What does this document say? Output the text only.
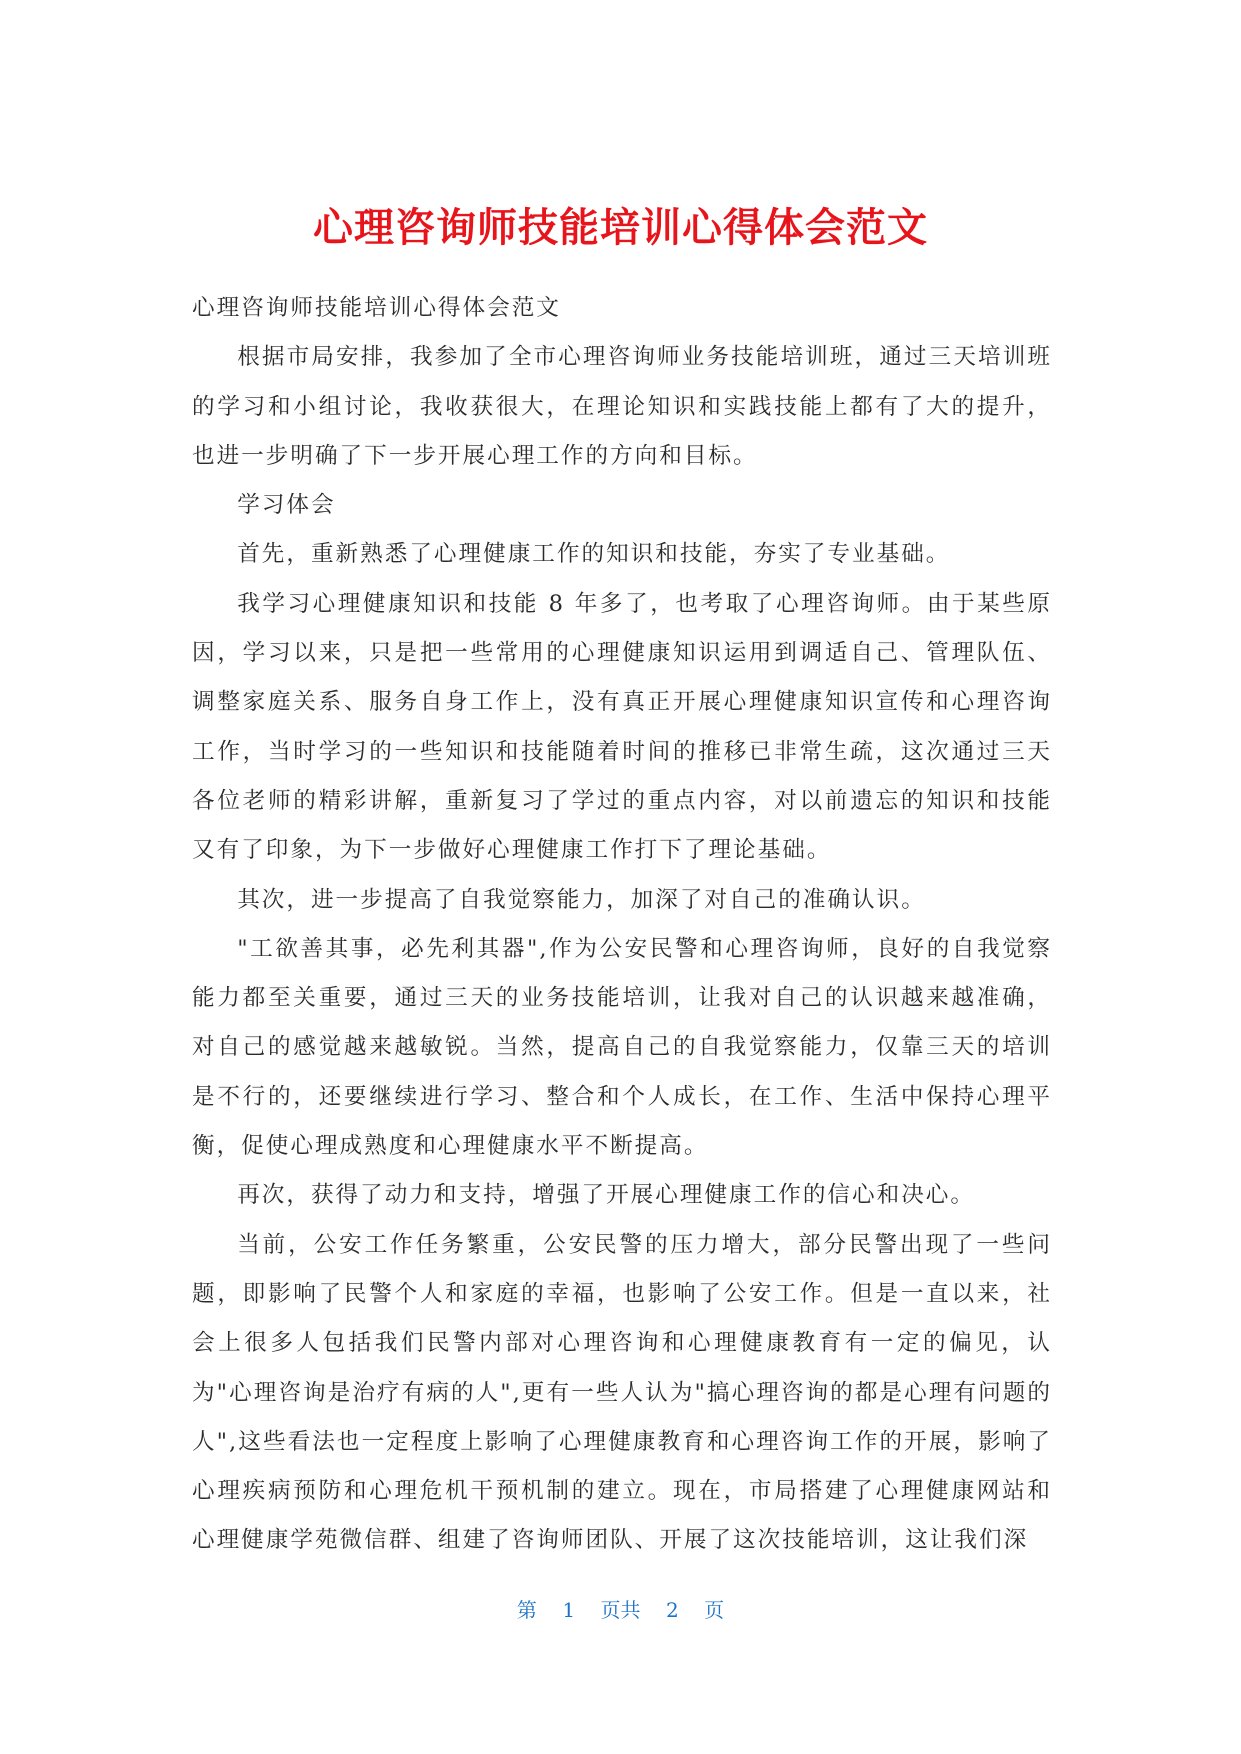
心理咨询师技能培训心得体会范文

心理咨询师技能培训心得体会范文

根据市局安排，我参加了全市心理咨询师业务技能培训班，通过三天培训班的学习和小组讨论，我收获很大，在理论知识和实践技能上都有了大的提升，也进一步明确了下一步开展心理工作的方向和目标。

学习体会

首先，重新熟悉了心理健康工作的知识和技能，夯实了专业基础。

我学习心理健康知识和技能 8 年多了，也考取了心理咨询师。由于某些原因，学习以来，只是把一些常用的心理健康知识运用到调适自己、管理队伍、调整家庭关系、服务自身工作上，没有真正开展心理健康知识宣传和心理咨询工作，当时学习的一些知识和技能随着时间的推移已非常生疏，这次通过三天各位老师的精彩讲解，重新复习了学过的重点内容，对以前遗忘的知识和技能又有了印象，为下一步做好心理健康工作打下了理论基础。

其次，进一步提高了自我觉察能力，加深了对自己的准确认识。

"工欲善其事，必先利其器",作为公安民警和心理咨询师，良好的自我觉察能力都至关重要，通过三天的业务技能培训，让我对自己的认识越来越准确，对自己的感觉越来越敏锐。当然，提高自己的自我觉察能力，仅靠三天的培训是不行的，还要继续进行学习、整合和个人成长，在工作、生活中保持心理平衡，促使心理成熟度和心理健康水平不断提高。

再次，获得了动力和支持，增强了开展心理健康工作的信心和决心。

当前，公安工作任务繁重，公安民警的压力增大，部分民警出现了一些问题，即影响了民警个人和家庭的幸福，也影响了公安工作。但是一直以来，社会上很多人包括我们民警内部对心理咨询和心理健康教育有一定的偏见，认为"心理咨询是治疗有病的人",更有一些人认为"搞心理咨询的都是心理有问题的人",这些看法也一定程度上影响了心理健康教育和心理咨询工作的开展，影响了心理疾病预防和心理危机干预机制的建立。现在，市局搭建了心理健康网站和心理健康学苑微信群、组建了咨询师团队、开展了这次技能培训，这让我们深

第 1 页共 2 页
